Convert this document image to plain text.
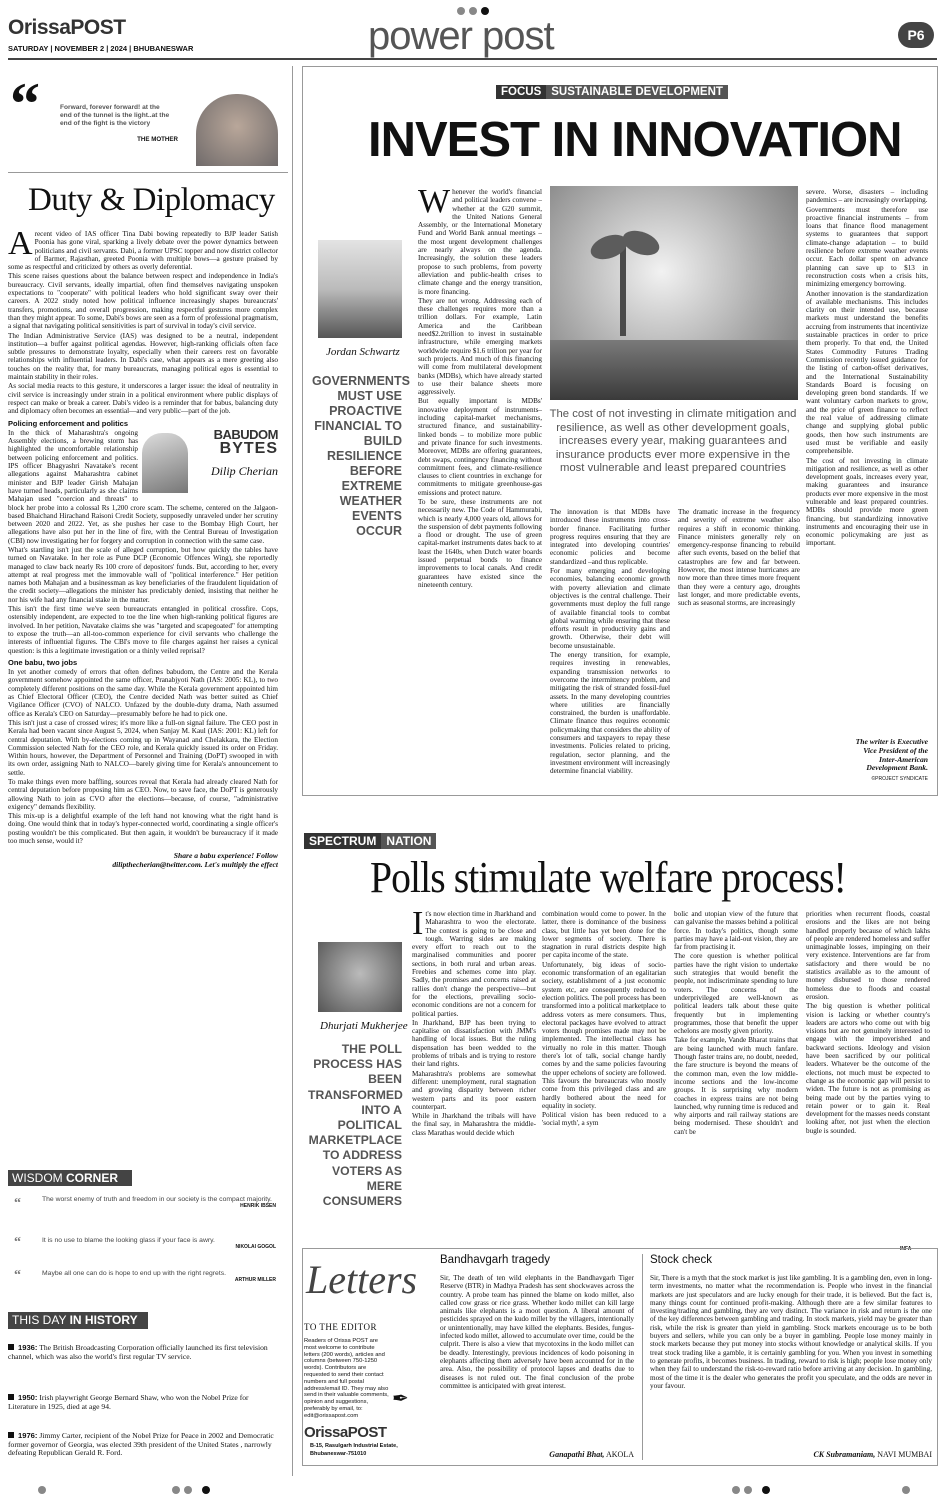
OrissaPOST
SATURDAY | NOVEMBER 2 | 2024 | BHUBANESWAR	power post	P6
“	Forward, forever forward! at the end of the tunnel is the light..at the end of the fight is the victory
THE MOTHER
Duty & Diplomacy

Arecent video of IAS officer Tina Dabi bowing repeatedly to BJP leader Satish Poonia has gone viral, sparking a lively debate over the power dynamics between politicians and civil servants. Dabi, a former UPSC topper and now district collector of Barmer, Rajasthan, greeted Poonia with multiple bows—a gesture praised by some as respectful and criticized by others as overly deferential.

This scene raises questions about the balance between respect and independence in India's bureaucracy. Civil servants, ideally impartial, often find themselves navigating unspoken expectations to "cooperate" with political leaders who hold significant sway over their careers. A 2022 study noted how political influence increasingly shapes bureaucrats' transfers, promotions, and overall progression, making respectful gestures more complex than they might appear. To some, Dabi's bows are seen as a form of professional pragmatism, a signal that navigating political sensitivities is part of survival in today's civil service.

The Indian Administrative Service (IAS) was designed to be a neutral, independent institution—a buffer against political agendas. However, high-ranking officials often face subtle pressures to demonstrate loyalty, especially when their careers rest on favorable relationships with influential leaders. In Dabi's case, what appears as a mere greeting also touches on the reality that, for many bureaucrats, managing political egos is essential to maintain stability in their roles.

As social media reacts to this gesture, it underscores a larger issue: the ideal of neutrality in civil service is increasingly under strain in a political environment where public displays of respect can make or break a career. Dabi's video is a reminder that for babus, balancing duty and diplomacy often becomes an essential—and very public—part of the job.

Policing enforcement and politics
BABUDOM
BYTES
Dilip Cherian

In the thick of Maharashtra's ongoing Assembly elections, a brewing storm has highlighted the uncomfortable relationship between policing enforcement and politics. IPS officer Bhagyashri Navatake's recent allegations against Maharashtra cabinet minister and BJP leader Girish Mahajan have turned heads, particularly as she claims Mahajan used "coercion and threats" to block her probe into a colossal Rs 1,200 crore scam. The scheme, centered on the Jalgaon-based Bhaichand Hirachand Raisoni Credit Society, supposedly unraveled under her scrutiny between 2020 and 2022. Yet, as she pushes her case to the Bombay High Court, her allegations have also put her in the line of fire, with the Central Bureau of Investigation (CBI) now investigating her for forgery and corruption in connection with the same case.

What's startling isn't just the scale of alleged corruption, but how quickly the tables have turned on Navatake. In her role as Pune DCP (Economic Offences Wing), she reportedly managed to claw back nearly Rs 100 crore of depositors' funds. But, according to her, every attempt at real progress met the immovable wall of "political interference." Her petition names both Mahajan and a businessman as key beneficiaries of the fraudulent liquidation of the credit society—allegations the minister has predictably denied, insisting that neither he nor his wife had any financial stake in the matter.

This isn't the first time we've seen bureaucrats entangled in political crossfire. Cops, ostensibly independent, are expected to toe the line when high-ranking political figures are involved. In her petition, Navatake claims she was "targeted and scapegoated" for attempting to expose the truth—an all-too-common experience for civil servants who challenge the interests of influential figures. The CBI's move to file charges against her raises a cynical question: is this a legitimate investigation or a thinly veiled reprisal?

One babu, two jobs

In yet another comedy of errors that often defines babudom, the Centre and the Kerala government somehow appointed the same officer, Pranabjyoti Nath (IAS: 2005: KL), to two completely different positions on the same day. While the Kerala government appointed him as Chief Electoral Officer (CEO), the Centre decided Nath was better suited as Chief Vigilance Officer (CVO) of NALCO. Unfazed by the double-duty drama, Nath assumed office as Kerala's CEO on Saturday—presumably before he had to pick one.

This isn't just a case of crossed wires; it's more like a full-on signal failure. The CEO post in Kerala had been vacant since August 5, 2024, when Sanjay M. Kaul (IAS: 2001: KL) left for central deputation. With by-elections coming up in Wayanad and Chelakkara, the Election Commission selected Nath for the CEO role, and Kerala quickly issued its order on Friday. Within hours, however, the Department of Personnel and Training (DoPT) swooped in with its own order, assigning Nath to NALCO—barely giving time for Kerala's announcement to settle.

To make things even more baffling, sources reveal that Kerala had already cleared Nath for central deputation before proposing him as CEO. Now, to save face, the DoPT is generously allowing Nath to join as CVO after the elections—because, of course, "administrative exigency" demands flexibility.

This mix-up is a delightful example of the left hand not knowing what the right hand is doing. One would think that in today's hyper-connected world, coordinating a single officer's posting wouldn't be this complicated. But then again, it wouldn't be bureaucracy if it made too much sense, would it?

Share a babu experience! Follow
dilipthecherian@twitter.com. Let's multiply the effect
WISDOM CORNER
“	The worst enemy of truth and freedom in our society is the compact majority.
HENRIK IBSEN
“	It is no use to blame the looking glass if your face is awry.
NIKOLAI GOGOL
“	Maybe all one can do is hope to end up with the right regrets.
ARTHUR MILLER
THIS DAY IN HISTORY
1936: The British Broadcasting Corporation officially launched its first television channel, which was also the world's first regular TV service.
1950: Irish playwright George Bernard Shaw, who won the Nobel Prize for Literature in 1925, died at age 94.
1976: Jimmy Carter, recipient of the Nobel Prize for Peace in 2002 and Democratic former governor of Georgia, was elected 39th president of the United States , narrowly defeating Republican Gerald R. Ford.
FOCUS SUSTAINABLE DEVELOPMENT
INVEST IN INNOVATION
Jordan Schwartz
GOVERNMENTS MUST USE PROACTIVE FINANCIAL TO BUILD RESILIENCE BEFORE EXTREME WEATHER EVENTS OCCUR

Whenever the world's financial and political leaders convene – whether at the G20 summit, the United Nations General Assembly, or the International Monetary Fund and World Bank annual meetings –the most urgent development challenges are nearly always on the agenda. Increasingly, the solution these leaders propose to such problems, from poverty alleviation and public-health crises to climate change and the energy transition, is more financing.

They are not wrong. Addressing each of these challenges requires more than a trillion dollars. For example, Latin America and the Caribbean need$2.2trillion to invest in sustainable infrastructure, while emerging markets worldwide require $1.6 trillion per year for such projects. And much of this financing will come from multilateral development banks (MDBs), which have already started to use their balance sheets more aggressively.

But equally important is MDBs' innovative deployment of instruments–including capital-market mechanisms, structured finance, and sustainability-linked bonds – to mobilize more public and private finance for such investments. Moreover, MDBs are offering guarantees, debt swaps, contingency financing without commitment fees, and climate-resilience clauses to client countries in exchange for commitments to mitigate greenhouse-gas emissions and protect nature.

To be sure, these instruments are not necessarily new. The Code of Hammurabi, which is nearly 4,000 years old, allows for the suspension of debt payments following a flood or drought. The use of green capital-market instruments dates back to at least the 1640s, when Dutch water boards issued perpetual bonds to finance improvements to local canals. And credit guarantees have existed since the nineteenth century.

The cost of not investing in climate mitigation and resilience, as well as other development goals, increases every year, making guarantees and insurance products ever more expensive in the most vulnerable and least prepared countries

The innovation is that MDBs have introduced these instruments into cross-border finance. Facilitating further progress requires ensuring that they are integrated into developing countries' economic policies and become standardized –and thus replicable.

For many emerging and developing economies, balancing economic growth with poverty alleviation and climate objectives is the central challenge. Their governments must deploy the full range of available financial tools to combat global warming while ensuring that these efforts result in productivity gains and growth. Otherwise, their debt will become unsustainable.

The energy transition, for example, requires investing in renewables, expanding transmission networks to overcome the intermittency problem, and mitigating the risk of stranded fossil-fuel assets. In the many developing countries where utilities are financially constrained, the burden is unaffordable. Climate finance thus requires economic policymaking that considers the ability of consumers and taxpayers to repay these investments. Policies related to pricing, regulation, sector planning, and the investment environment will increasingly determine financial viability.

The dramatic increase in the frequency and severity of extreme weather also requires a shift in economic thinking. Finance ministers generally rely on emergency-response financing to rebuild after such events, based on the belief that catastrophes are few and far between. However, the most intense hurricanes are now more than three times more frequent than they were a century ago, droughts last longer, and more predictable events, such as seasonal storms, are increasingly

severe. Worse, disasters – including pandemics – are increasingly overlapping.

Governments must therefore use proactive financial instruments – from loans that finance flood management systems to guarantees that support climate-change adaptation – to build resilience before extreme weather events occur. Each dollar spent on advance planning can save up to $13 in reconstruction costs when a crisis hits, minimizing emergency borrowing.

Another innovation is the standardization of available mechanisms. This includes clarity on their intended use, because markets must understand the benefits accruing from instruments that incentivize sustainable practices in order to price them properly. To that end, the United States Commodity Futures Trading Commission recently issued guidance for the listing of carbon-offset derivatives, and the International Sustainability Standards Board is focusing on developing green bond standards. If we want voluntary carbon markets to grow, and the price of green finance to reflect the real value of addressing climate change and supplying global public goods, then how such instruments are used must be verifiable and easily comprehensible.

The cost of not investing in climate mitigation and resilience, as well as other development goals, increases every year, making guarantees and insurance products ever more expensive in the most vulnerable and least prepared countries. MDBs should provide more green financing, but standardizing innovative instruments and encouraging their use in economic policymaking are just as important.

The writer is Executive
Vice President of the
Inter-American
Development Bank.
©PROJECT SYNDICATE
SPECTRUM NATION
Polls stimulate welfare process!
Dhurjati Mukherjee
THE POLL PROCESS HAS BEEN TRANSFORMED INTO A POLITICAL MARKETPLACE TO ADDRESS VOTERS AS MERE CONSUMERS

It's now election time in Jharkhand and Maharashtra to woo the electorate. The contest is going to be close and tough. Warring sides are making every effort to reach out to the marginalised communities and poorer sections, in both rural and urban areas. Freebies and schemes come into play. Sadly, the promises and concerns raised at rallies don't change the perspective—but for the elections, prevailing socio-economic conditions are not a concern for political parties.

In Jharkhand, BJP has been trying to capitalise on dissatisfaction with JMM's handling of local issues. But the ruling dispensation has been wedded to the problems of tribals and is trying to restore their land rights.

Maharashtra's problems are somewhat different: unemployment, rural stagnation and growing disparity between richer western parts and its poor eastern counterpart.

While in Jharkhand the tribals will have the final say, in Maharashtra the middle-class Marathas would decide which

combination would come to power. In the latter, there is dominance of the business class, but little has yet been done for the lower segments of society. There is stagnation in rural districts despite high per capita income of the state.

Unfortunately, big ideas of socio-economic transformation of an egalitarian society, establishment of a just economic system etc, are consequently reduced to election politics. The poll process has been transformed into a political marketplace to address voters as mere consumers. Thus, electoral packages have evolved to attract voters though promises made may not be implemented. The intellectual class has virtually no role in this matter. Though there's lot of talk, social change hardly comes by and the same policies favouring the upper echelons of society are followed. This favours the bureaucrats who mostly come from this privileged class and are hardly bothered about the need for equality in society.

Political vision has been reduced to a 'social myth', a sym

bolic and utopian view of the future that can galvanise the masses behind a political force. In today's politics, though some parties may have a laid-out vision, they are far from practising it.

The core question is whether political parties have the right vision to undertake such strategies that would benefit the people, not indiscriminate spending to lure voters. The concerns of the underprivileged are well-known as political leaders talk about these quite frequently but in implementing programmes, those that benefit the upper echelons are mostly given priority.

Take for example, Vande Bharat trains that are being launched with much fanfare. Though faster trains are, no doubt, needed, the fare structure is beyond the means of the common man, even the low middle-income sections and the low-income groups. It is surprising why modern coaches in express trains are not being launched, why running time is reduced and why airports and rail railway stations are being modernised. These shouldn't and can't be

priorities when recurrent floods, coastal erosions and the likes are not being handled properly because of which lakhs of people are rendered homeless and suffer unimaginable losses, impinging on their very existence. Interventions are far from satisfactory and there would be no statistics available as to the amount of money disbursed to those rendered homeless due to floods and coastal erosion.

The big question is whether political vision is lacking or whether country's leaders are actors who come out with big visions but are not genuinely interested to engage with the impoverished and backward sections. Ideology and vision have been sacrificed by our political leaders. Whatever be the outcome of the elections, not much must be expected to change as the economic gap will persist to widen. The future is not as promising as being made out by the parties vying to retain power or to gain it. Real development for the masses needs constant looking after, not just when the election bugle is sounded.

INFA
Letters
TO THE EDITOR
Readers of Orissa POST are most welcome to contribute letters (200 words), articles and columns (between 750-1250 words). Contributors are requested to send their contact numbers and full postal address/email ID. They may also send in their valuable comments, opinion and suggestions, preferably by email, to: edit@orissapost.com
✒
OrissaPOST
B-15, Rasulgarh Industrial Estate,
Bhubaneswar-751010
Bandhavgarh tragedy
Sir, The death of ten wild elephants in the Bandhavgarh Tiger Reserve (BTR) in Madhya Pradesh has sent shockwaves across the country. A probe team has pinned the blame on kodo millet, also called cow grass or rice grass. Whether kodo millet can kill large animals like elephants is a moot question. A liberal amount of pesticides sprayed on the kudo millet by the villagers, intentionally or unintentionally, may have killed the elephants. Besides, fungus-infected kodo millet, allowed to accumulate over time, could be the culprit. There is also a view that mycotoxins in the kodo millet can be deadly. Interestingly, previous incidences of kodo poisoning in elephants affecting them adversely have been accounted for in the area. Also, the possibility of protocol lapses and deaths due to diseases is not ruled out. The final conclusion of the probe committee is anticipated with great interest.
Ganapathi Bhat, AKOLA
Stock check
Sir, There is a myth that the stock market is just like gambling. It is a gambling den, even in long-term investments, no matter what the recommendation is. People who invest in the financial markets are just speculators and are lucky enough for their trade, it is believed. But the fact is, many things count for continued profit-making. Although there are a few similar features to investing/trading and gambling, they are very distinct. The variance in risk and return is the one of the key differences between gambling and trading. In stock markets, yield may be greater than risk, while the risk is greater than yield in gambling. Stock markets encourage us to be both buyers and sellers, while you can only be a buyer in gambling. People lose money mainly in stock markets because they put money into stocks without knowledge or analytical skills. If you treat stock trading like a gamble, it is certainly gambling for you. When you invest in something to generate profits, it becomes business. In trading, reward to risk is high; people lose money only when they fail to understand the risk-to-reward ratio before arriving at any decision. In gambling, most of the time it is the dealer who generates the profit you speculate, and the odds are never in your favour.
CK Subramaniam, NAVI MUMBAI
